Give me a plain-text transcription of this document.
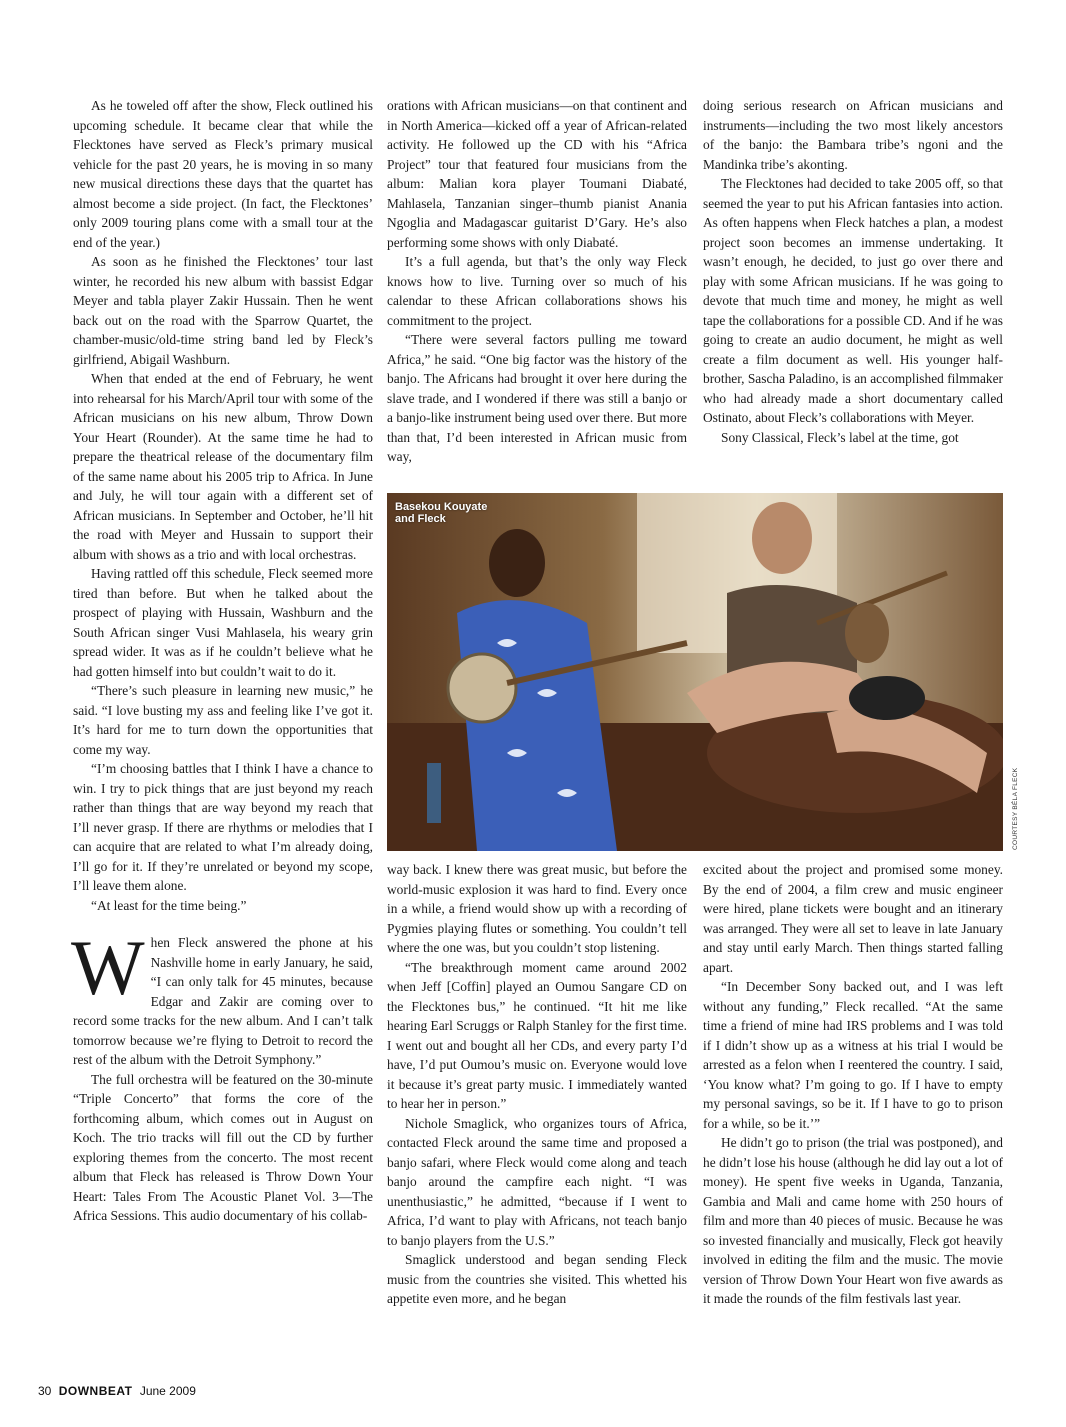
As he toweled off after the show, Fleck outlined his upcoming schedule. It became clear that while the Flecktones have served as Fleck’s primary musical vehicle for the past 20 years, he is moving in so many new musical directions these days that the quartet has almost become a side project. (In fact, the Flecktones’ only 2009 touring plans come with a small tour at the end of the year.)

As soon as he finished the Flecktones’ tour last winter, he recorded his new album with bassist Edgar Meyer and tabla player Zakir Hussain. Then he went back out on the road with the Sparrow Quartet, the chamber-music/old-time string band led by Fleck’s girlfriend, Abigail Washburn.

When that ended at the end of February, he went into rehearsal for his March/April tour with some of the African musicians on his new album, Throw Down Your Heart (Rounder). At the same time he had to prepare the theatrical release of the documentary film of the same name about his 2005 trip to Africa. In June and July, he will tour again with a different set of African musicians. In September and October, he’ll hit the road with Meyer and Hussain to support their album with shows as a trio and with local orchestras.

Having rattled off this schedule, Fleck seemed more tired than before. But when he talked about the prospect of playing with Hussain, Washburn and the South African singer Vusi Mahlasela, his weary grin spread wider. It was as if he couldn’t believe what he had gotten himself into but couldn’t wait to do it.

“There’s such pleasure in learning new music,” he said. “I love busting my ass and feeling like I’ve got it. It’s hard for me to turn down the opportunities that come my way.

“I’m choosing battles that I think I have a chance to win. I try to pick things that are just beyond my reach rather than things that are way beyond my reach that I’ll never grasp. If there are rhythms or melodies that I can acquire that are related to what I’m already doing, I’ll go for it. If they’re unrelated or beyond my scope, I’ll leave them alone.

“At least for the time being.”

When Fleck answered the phone at his Nashville home in early January, he said, “I can only talk for 45 minutes, because Edgar and Zakir are coming over to record some tracks for the new album. And I can’t talk tomorrow because we’re flying to Detroit to record the rest of the album with the Detroit Symphony.”

The full orchestra will be featured on the 30-minute “Triple Concerto” that forms the core of the forthcoming album, which comes out in August on Koch. The trio tracks will fill out the CD by further exploring themes from the concerto. The most recent album that Fleck has released is Throw Down Your Heart: Tales From The Acoustic Planet Vol. 3—The Africa Sessions. This audio documentary of his collab-

orations with African musicians—on that continent and in North America—kicked off a year of African-related activity. He followed up the CD with his “Africa Project” tour that featured four musicians from the album: Malian kora player Toumani Diabaté, Mahlasela, Tanzanian singer–thumb pianist Anania Ngoglia and Madagascar guitarist D’Gary. He’s also performing some shows with only Diabaté.

It’s a full agenda, but that’s the only way Fleck knows how to live. Turning over so much of his calendar to these African collaborations shows his commitment to the project.

“There were several factors pulling me toward Africa,” he said. “One big factor was the history of the banjo. The Africans had brought it over here during the slave trade, and I wondered if there was still a banjo or a banjo-like instrument being used over there. But more than that, I’d been interested in African music from way,

doing serious research on African musicians and instruments—including the two most likely ancestors of the banjo: the Bambara tribe’s ngoni and the Mandinka tribe’s akonting.

The Flecktones had decided to take 2005 off, so that seemed the year to put his African fantasies into action. As often happens when Fleck hatches a plan, a modest project soon becomes an immense undertaking. It wasn’t enough, he decided, to just go over there and play with some African musicians. If he was going to devote that much time and money, he might as well tape the collaborations for a possible CD. And if he was going to create an audio document, he might as well create a film document as well. His younger half-brother, Sascha Paladino, is an accomplished filmmaker who had already made a short documentary called Ostinato, about Fleck’s collaborations with Meyer.

Sony Classical, Fleck’s label at the time, got

Basekou Kouyate
and Fleck
COURTESY BÉLA FLECK

way back. I knew there was great music, but before the world-music explosion it was hard to find. Every once in a while, a friend would show up with a recording of Pygmies playing flutes or something. You couldn’t tell where the one was, but you couldn’t stop listening.

“The breakthrough moment came around 2002 when Jeff [Coffin] played an Oumou Sangare CD on the Flecktones bus,” he continued. “It hit me like hearing Earl Scruggs or Ralph Stanley for the first time. I went out and bought all her CDs, and every party I’d have, I’d put Oumou’s music on. Everyone would love it because it’s great party music. I immediately wanted to hear her in person.”

Nichole Smaglick, who organizes tours of Africa, contacted Fleck around the same time and proposed a banjo safari, where Fleck would come along and teach banjo around the campfire each night. “I was unenthusiastic,” he admitted, “because if I went to Africa, I’d want to play with Africans, not teach banjo to banjo players from the U.S.”

Smaglick understood and began sending Fleck music from the countries she visited. This whetted his appetite even more, and he began

excited about the project and promised some money. By the end of 2004, a film crew and music engineer were hired, plane tickets were bought and an itinerary was arranged. They were all set to leave in late January and stay until early March. Then things started falling apart.

“In December Sony backed out, and I was left without any funding,” Fleck recalled. “At the same time a friend of mine had IRS problems and I was told if I didn’t show up as a witness at his trial I would be arrested as a felon when I reentered the country. I said, ‘You know what? I’m going to go. If I have to empty my personal savings, so be it. If I have to go to prison for a while, so be it.’”

He didn’t go to prison (the trial was postponed), and he didn’t lose his house (although he did lay out a lot of money). He spent five weeks in Uganda, Tanzania, Gambia and Mali and came home with 250 hours of film and more than 40 pieces of music. Because he was so invested financially and musically, Fleck got heavily involved in editing the film and the music. The movie version of Throw Down Your Heart won five awards as it made the rounds of the film festivals last year.

30 DOWNBEAT June 2009
